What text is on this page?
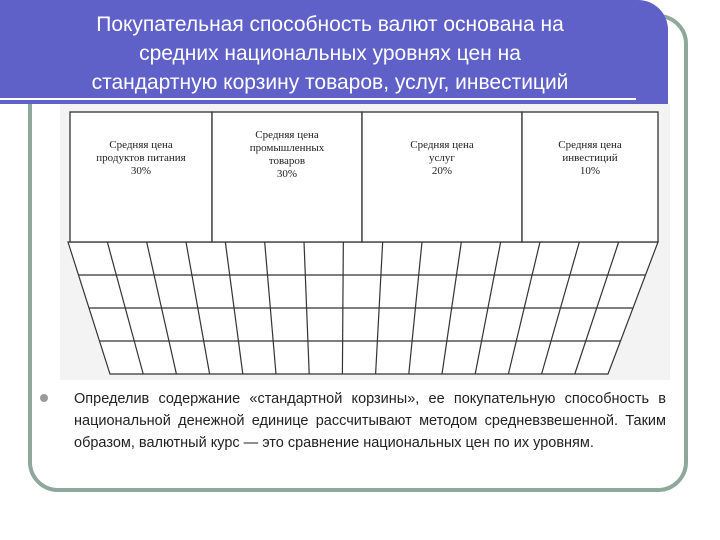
Покупательная способность валют основана на
средних национальных уровнях цен на
стандартную корзину товаров, услуг, инвестиций
Средняя цена
продуктов питания
30%
Средняя цена
промышленных
товаров
30%
Средняя цена
услуг
20%
Средняя цена
инвестиций
10%
Определив содержание «стандартной корзины», ее покупательную способность в национальной денежной единице рассчитывают методом средневзвешенной. Таким образом, валютный курс — это сравнение национальных цен по их уровням.
